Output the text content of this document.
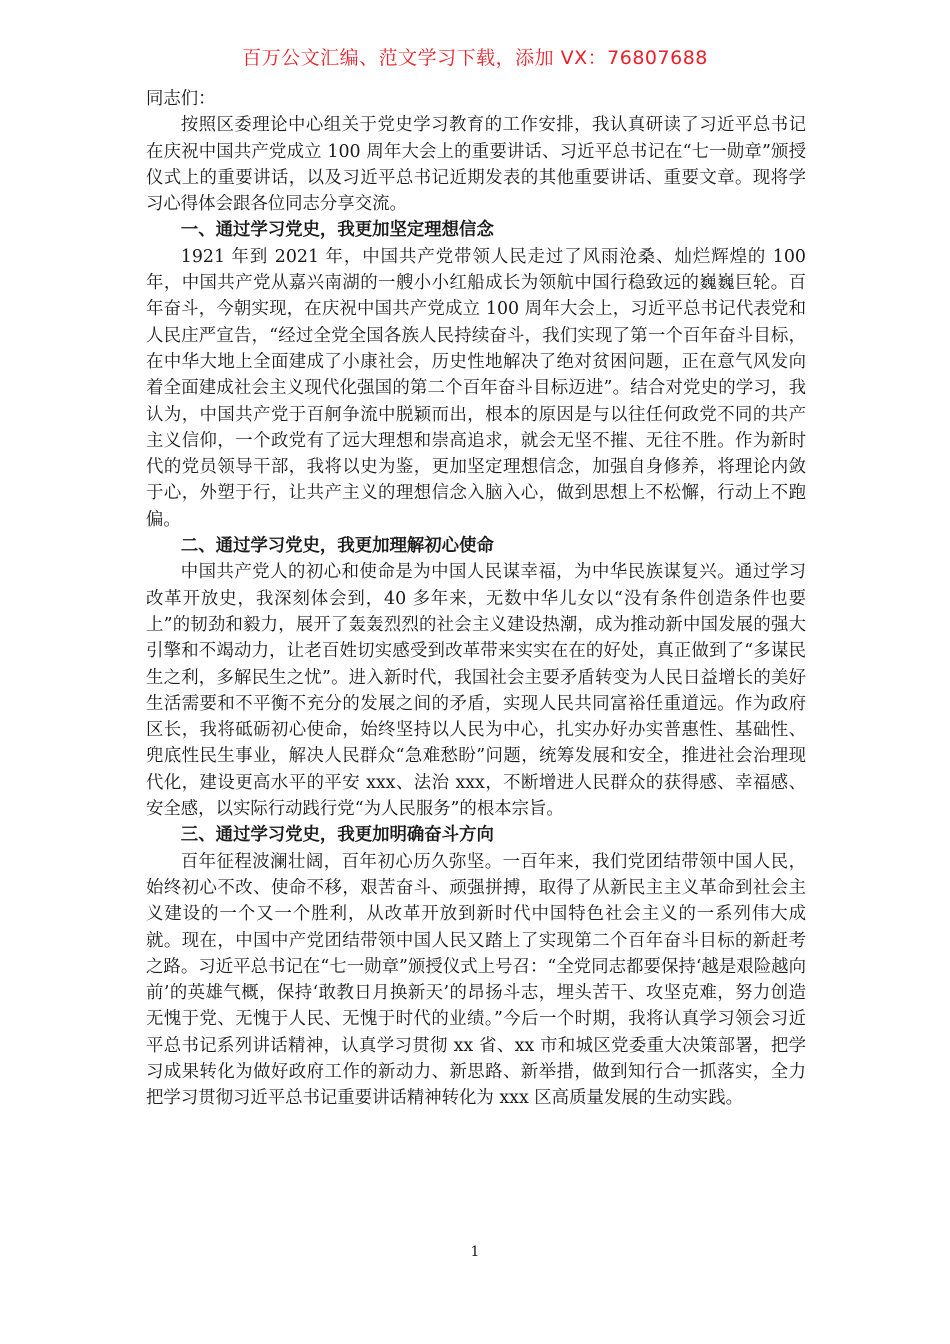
百万公文汇编、范文学习下载，添加 VX：76807688

同志们：

按照区委理论中心组关于党史学习教育的工作安排，我认真研读了习近平总书记在庆祝中国共产党成立 100 周年大会上的重要讲话、习近平总书记在“七一勋章”颁授仪式上的重要讲话，以及习近平总书记近期发表的其他重要讲话、重要文章。现将学习心得体会跟各位同志分享交流。

一、通过学习党史，我更加坚定理想信念

1921 年到 2021 年，中国共产党带领人民走过了风雨沧桑、灿烂辉煌的 100 年，中国共产党从嘉兴南湖的一艘小小红船成长为领航中国行稳致远的巍巍巨轮。百年奋斗，今朝实现，在庆祝中国共产党成立 100 周年大会上，习近平总书记代表党和人民庄严宣告，“经过全党全国各族人民持续奋斗，我们实现了第一个百年奋斗目标，在中华大地上全面建成了小康社会，历史性地解决了绝对贫困问题，正在意气风发向着全面建成社会主义现代化强国的第二个百年奋斗目标迈进”。结合对党史的学习，我认为，中国共产党于百舸争流中脱颖而出，根本的原因是与以往任何政党不同的共产主义信仰，一个政党有了远大理想和崇高追求，就会无坚不摧、无往不胜。作为新时代的党员领导干部，我将以史为鉴，更加坚定理想信念，加强自身修养，将理论内敛于心，外塑于行，让共产主义的理想信念入脑入心，做到思想上不松懈，行动上不跑偏。

二、通过学习党史，我更加理解初心使命

中国共产党人的初心和使命是为中国人民谋幸福，为中华民族谋复兴。通过学习改革开放史，我深刻体会到，40 多年来，无数中华儿女以“没有条件创造条件也要上”的韧劲和毅力，展开了轰轰烈烈的社会主义建设热潮，成为推动新中国发展的强大引擎和不竭动力，让老百姓切实感受到改革带来实实在在的好处，真正做到了“多谋民生之利，多解民生之忧”。进入新时代，我国社会主要矛盾转变为人民日益增长的美好生活需要和不平衡不充分的发展之间的矛盾，实现人民共同富裕任重道远。作为政府区长，我将砥砺初心使命，始终坚持以人民为中心，扎实办好办实普惠性、基础性、兜底性民生事业，解决人民群众“急难愁盼”问题，统筹发展和安全，推进社会治理现代化，建设更高水平的平安 xxx、法治 xxx，不断增进人民群众的获得感、幸福感、安全感，以实际行动践行党“为人民服务”的根本宗旨。

三、通过学习党史，我更加明确奋斗方向

百年征程波澜壮阔，百年初心历久弥坚。一百年来，我们党团结带领中国人民，始终初心不改、使命不移，艰苦奋斗、顽强拼搏，取得了从新民主主义革命到社会主义建设的一个又一个胜利，从改革开放到新时代中国特色社会主义的一系列伟大成就。现在，中国中产党团结带领中国人民又踏上了实现第二个百年奋斗目标的新赶考之路。习近平总书记在“七一勋章”颁授仪式上号召：“全党同志都要保持‘越是艰险越向前’的英雄气概，保持‘敢教日月换新天’的昂扬斗志，埋头苦干、攻坚克难，努力创造无愧于党、无愧于人民、无愧于时代的业绩。”今后一个时期，我将认真学习领会习近平总书记系列讲话精神，认真学习贯彻 xx 省、xx 市和城区党委重大决策部署，把学习成果转化为做好政府工作的新动力、新思路、新举措，做到知行合一抓落实，全力把学习贯彻习近平总书记重要讲话精神转化为 xxx 区高质量发展的生动实践。

1
